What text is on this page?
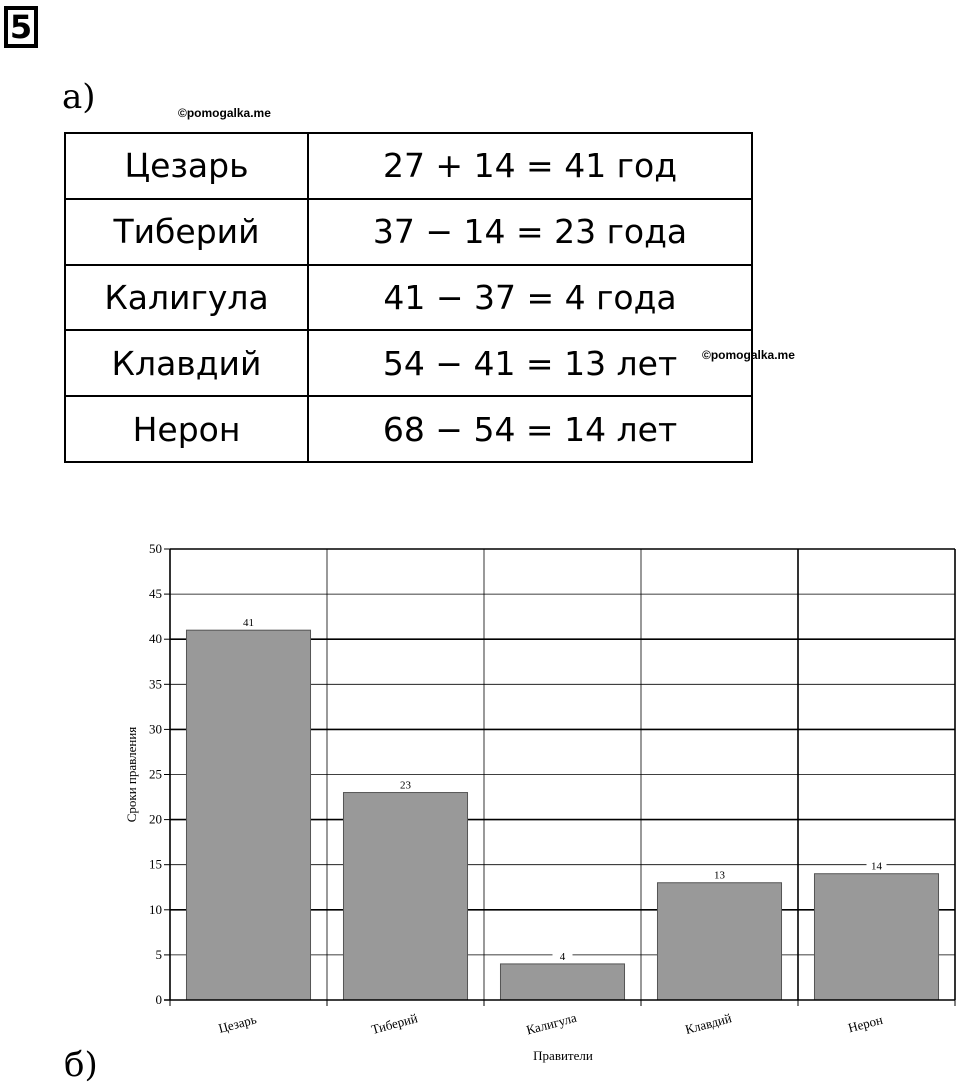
5
а)	©pomogalka.me
©pomogalka.me
Цезарь	27 + 14 = 41 год
Тиберий	37 − 14 = 23 года
Калигула	41 − 37 = 4 года
Клавдий	54 − 41 = 13 лет
Нерон	68 − 54 = 14 лет
41
Цезарь
23
Тиберий
4
Калигула
13
Клавдий
14
Нерон
0
5
10
15
20
25
30
35
40
45
50
Сроки правления
Правители
б)
